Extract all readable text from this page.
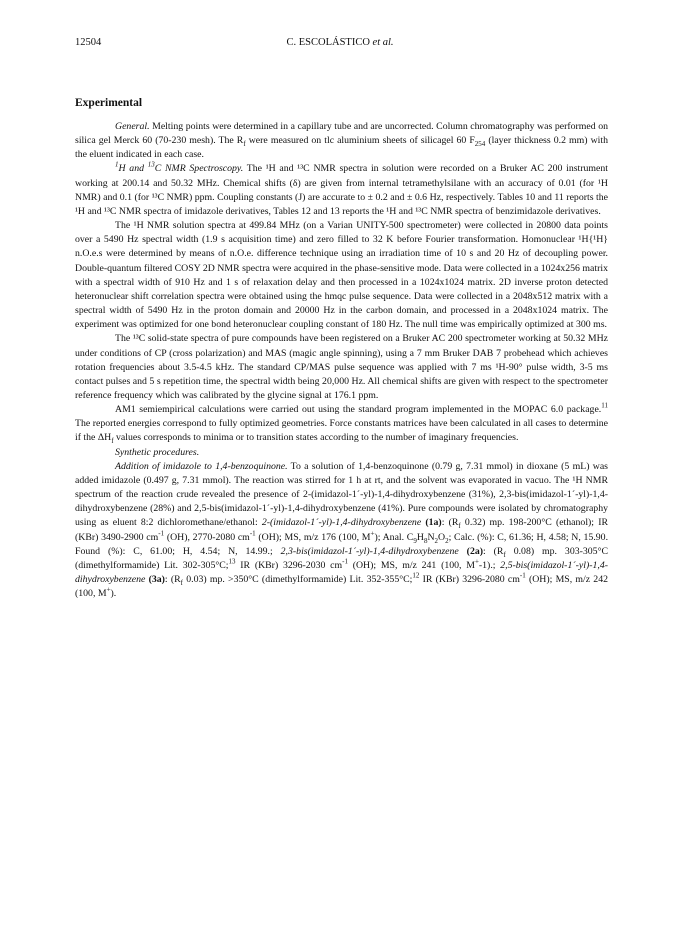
12504	C. ESCOLÁSTICO et al.
Experimental

General. Melting points were determined in a capillary tube and are uncorrected. Column chromatography was performed on silica gel Merck 60 (70-230 mesh). The $R_f$ were measured on tlc aluminium sheets of silicagel 60 $F_{254}$ (layer thickness 0.2 mm) with the eluent indicated in each case.

$^1$H and $^{13}$C NMR Spectroscopy. The ¹H and ¹³C NMR spectra in solution were recorded on a Bruker AC 200 instrument working at 200.14 and 50.32 MHz. Chemical shifts (δ) are given from internal tetramethylsilane with an accuracy of 0.01 (for ¹H NMR) and 0.1 (for ¹³C NMR) ppm. Coupling constants (J) are accurate to ± 0.2 and ± 0.6 Hz, respectively. Tables 10 and 11 reports the ¹H and ¹³C NMR spectra of imidazole derivatives, Tables 12 and 13 reports the ¹H and ¹³C NMR spectra of benzimidazole derivatives.

The ¹H NMR solution spectra at 499.84 MHz (on a Varian UNITY-500 spectrometer) were collected in 20800 data points over a 5490 Hz spectral width (1.9 s acquisition time) and zero filled to 32 K before Fourier transformation. Homonuclear ¹H{¹H} n.O.e.s were determined by means of n.O.e. difference technique using an irradiation time of 10 s and 20 Hz of decoupling power. Double-quantum filtered COSY 2D NMR spectra were acquired in the phase-sensitive mode. Data were collected in a 1024x256 matrix with a spectral width of 910 Hz and 1 s of relaxation delay and then processed in a 1024x1024 matrix. 2D inverse proton detected heteronuclear shift correlation spectra were obtained using the hmqc pulse sequence. Data were collected in a 2048x512 matrix with a spectral width of 5490 Hz in the proton domain and 20000 Hz in the carbon domain, and processed in a 2048x1024 matrix. The experiment was optimized for one bond heteronuclear coupling constant of 180 Hz. The null time was empirically optimized at 300 ms.

The ¹³C solid-state spectra of pure compounds have been registered on a Bruker AC 200 spectrometer working at 50.32 MHz under conditions of CP (cross polarization) and MAS (magic angle spinning), using a 7 mm Bruker DAB 7 probehead which achieves rotation frequencies about 3.5-4.5 kHz. The standard CP/MAS pulse sequence was applied with 7 ms ¹H-90° pulse width, 3-5 ms contact pulses and 5 s repetition time, the spectral width being 20,000 Hz. All chemical shifts are given with respect to the spectrometer reference frequency which was calibrated by the glycine signal at 176.1 ppm.

AM1 semiempirical calculations were carried out using the standard program implemented in the MOPAC 6.0 package.$^{11}$ The reported energies correspond to fully optimized geometries. Force constants matrices have been calculated in all cases to determine if the $\Delta H_f$ values corresponds to minima or to transition states according to the number of imaginary frequencies.

Synthetic procedures.

Addition of imidazole to 1,4-benzoquinone. To a solution of 1,4-benzoquinone (0.79 g, 7.31 mmol) in dioxane (5 mL) was added imidazole (0.497 g, 7.31 mmol). The reaction was stirred for 1 h at rt, and the solvent was evaporated in vacuo. The ¹H NMR spectrum of the reaction crude revealed the presence of 2-(imidazol-1´-yl)-1,4-dihydroxybenzene (31%), 2,3-bis(imidazol-1´-yl)-1,4-dihydroxybenzene (28%) and 2,5-bis(imidazol-1´-yl)-1,4-dihydroxybenzene (41%). Pure compounds were isolated by chromatography using as eluent 8:2 dichloromethane/ethanol: 2-(imidazol-1´-yl)-1,4-dihydroxybenzene (1a): ($R_f$ 0.32) mp. 198-200°C (ethanol); IR (KBr) 3490-2900 $cm^{-1}$ (OH), 2770-2080 $cm^{-1}$ (OH); MS, m/z 176 (100, M+); Anal. $C_9H_8N_2O_2$; Calc. (%): C, 61.36; H, 4.58; N, 15.90. Found (%): C, 61.00; H, 4.54; N, 14.99.; 2,3-bis(imidazol-1´-yl)-1,4-dihydroxybenzene (2a): ($R_f$ 0.08) mp. 303-305°C (dimethylformamide) Lit. 302-305°C;$^{13}$ IR (KBr) 3296-2030 $cm^{-1}$ (OH); MS, m/z 241 (100, M+-1).; 2,5-bis(imidazol-1´-yl)-1,4-dihydroxybenzene (3a): ($R_f$ 0.03) mp. >350°C (dimethylformamide) Lit. 352-355°C;$^{12}$ IR (KBr) 3296-2080 $cm^{-1}$ (OH); MS, m/z 242 (100, M+).
